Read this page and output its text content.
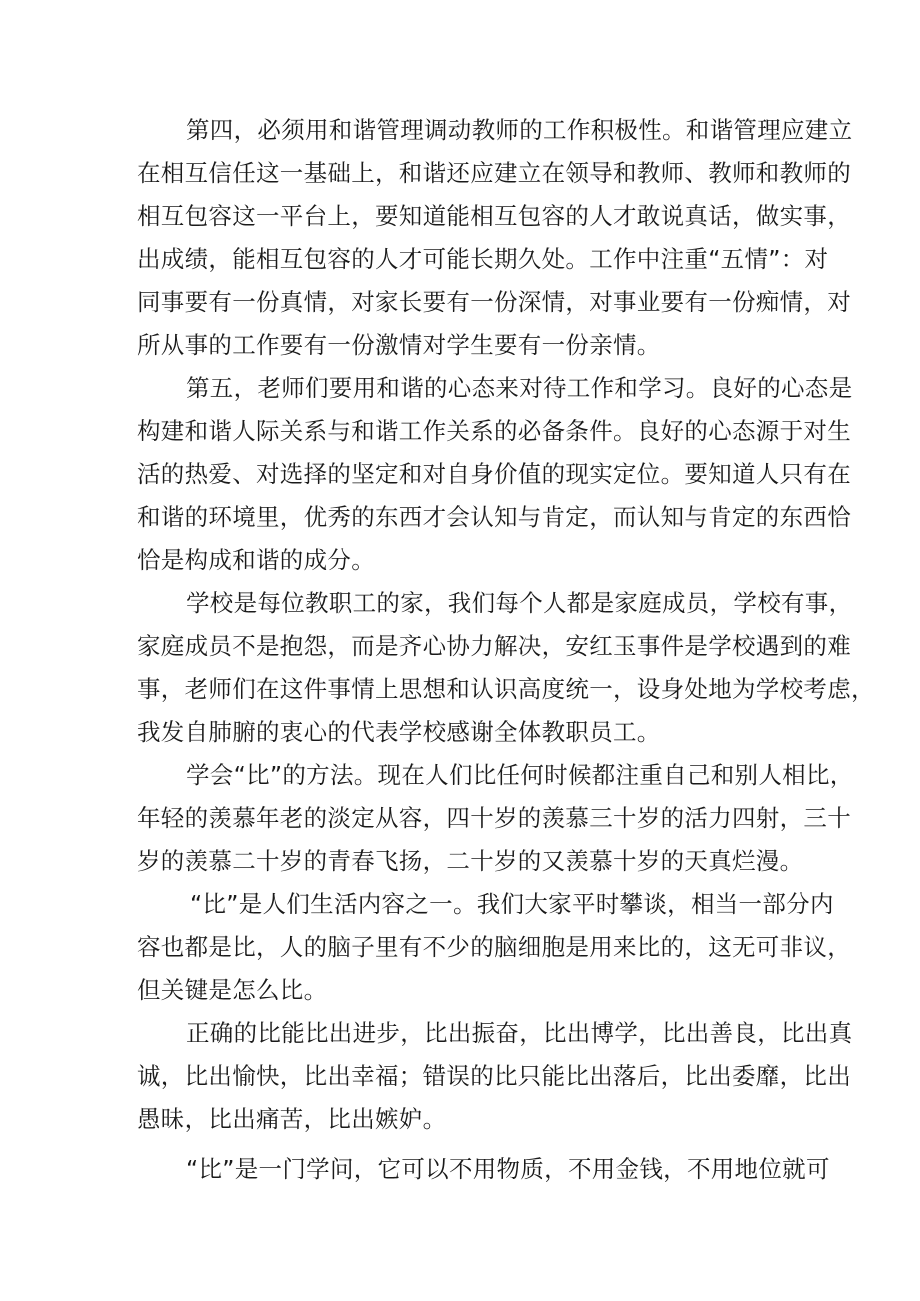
第四，必须用和谐管理调动教师的工作积极性。和谐管理应建立

在相互信任这一基础上，和谐还应建立在领导和教师、教师和教师的

相互包容这一平台上，要知道能相互包容的人才敢说真话，做实事，

出成绩，能相互包容的人才可能长期久处。工作中注重“五情”：对

同事要有一份真情，对家长要有一份深情，对事业要有一份痴情，对

所从事的工作要有一份激情对学生要有一份亲情。

第五，老师们要用和谐的心态来对待工作和学习。良好的心态是

构建和谐人际关系与和谐工作关系的必备条件。良好的心态源于对生

活的热爱、对选择的坚定和对自身价值的现实定位。要知道人只有在

和谐的环境里，优秀的东西才会认知与肯定，而认知与肯定的东西恰

恰是构成和谐的成分。

学校是每位教职工的家，我们每个人都是家庭成员，学校有事，

家庭成员不是抱怨，而是齐心协力解决，安红玉事件是学校遇到的难

事，老师们在这件事情上思想和认识高度统一，设身处地为学校考虑，

我发自肺腑的衷心的代表学校感谢全体教职员工。

学会“比”的方法。现在人们比任何时候都注重自己和别人相比，

年轻的羡慕年老的淡定从容，四十岁的羡慕三十岁的活力四射，三十

岁的羡慕二十岁的青春飞扬，二十岁的又羡慕十岁的天真烂漫。

“比”是人们生活内容之一。我们大家平时攀谈，相当一部分内

容也都是比，人的脑子里有不少的脑细胞是用来比的，这无可非议，

但关键是怎么比。

正确的比能比出进步，比出振奋，比出博学，比出善良，比出真

诚，比出愉快，比出幸福；错误的比只能比出落后，比出委靡，比出

愚昧，比出痛苦，比出嫉妒。

“比”是一门学问，它可以不用物质，不用金钱，不用地位就可
